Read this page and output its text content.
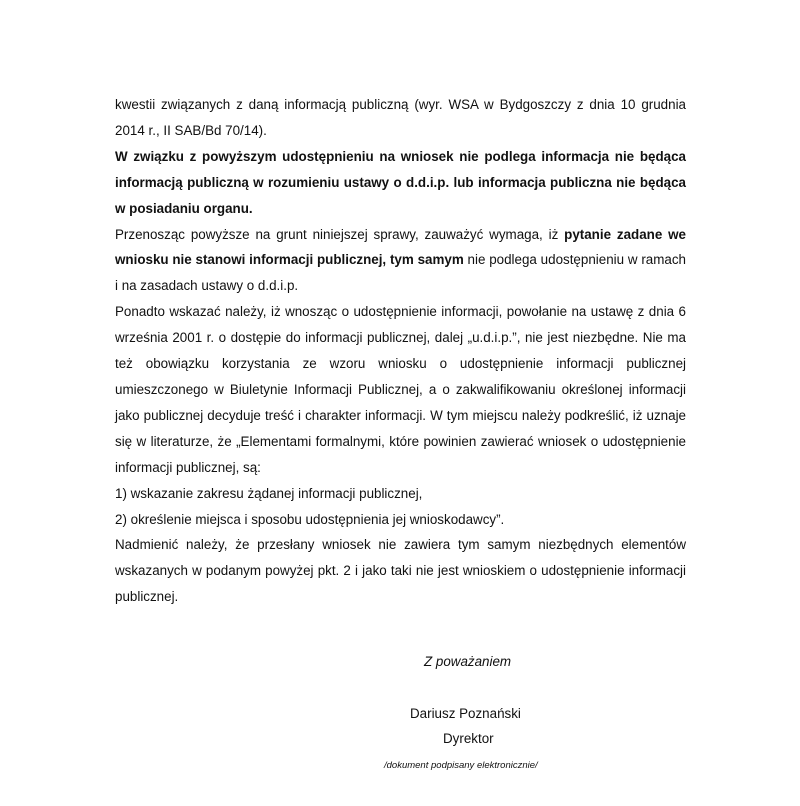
kwestii związanych z daną informacją publiczną (wyr. WSA w Bydgoszczy z dnia 10 grudnia 2014 r., II SAB/Bd 70/14).

W związku z powyższym udostępnieniu na wniosek nie podlega informacja nie będąca informacją publiczną w rozumieniu ustawy o d.d.i.p. lub informacja publiczna nie będąca w posiadaniu organu.

Przenosząc powyższe na grunt niniejszej sprawy, zauważyć wymaga, iż pytanie zadane we wniosku nie stanowi informacji publicznej, tym samym nie podlega udostępnieniu w ramach i na zasadach ustawy o d.d.i.p.

Ponadto wskazać należy, iż wnosząc o udostępnienie informacji, powołanie na ustawę z dnia 6 września 2001 r. o dostępie do informacji publicznej, dalej „u.d.i.p.”, nie jest niezbędne. Nie ma też obowiązku korzystania ze wzoru wniosku o udostępnienie informacji publicznej umieszczonego w Biuletynie Informacji Publicznej, a o zakwalifikowaniu określonej informacji jako publicznej decyduje treść i charakter informacji. W tym miejscu należy podkreślić, iż uznaje się w literaturze, że „Elementami formalnymi, które powinien zawierać wniosek o udostępnienie informacji publicznej, są:

1) wskazanie zakresu żądanej informacji publicznej,

2) określenie miejsca i sposobu udostępnienia jej wnioskodawcy”.

Nadmienić należy, że przesłany wniosek nie zawiera tym samym niezbędnych elementów wskazanych w podanym powyżej pkt. 2 i jako taki nie jest wnioskiem o udostępnienie informacji publicznej.

Z poważaniem
Dariusz Poznański
Dyrektor
/dokument podpisany elektronicznie/
